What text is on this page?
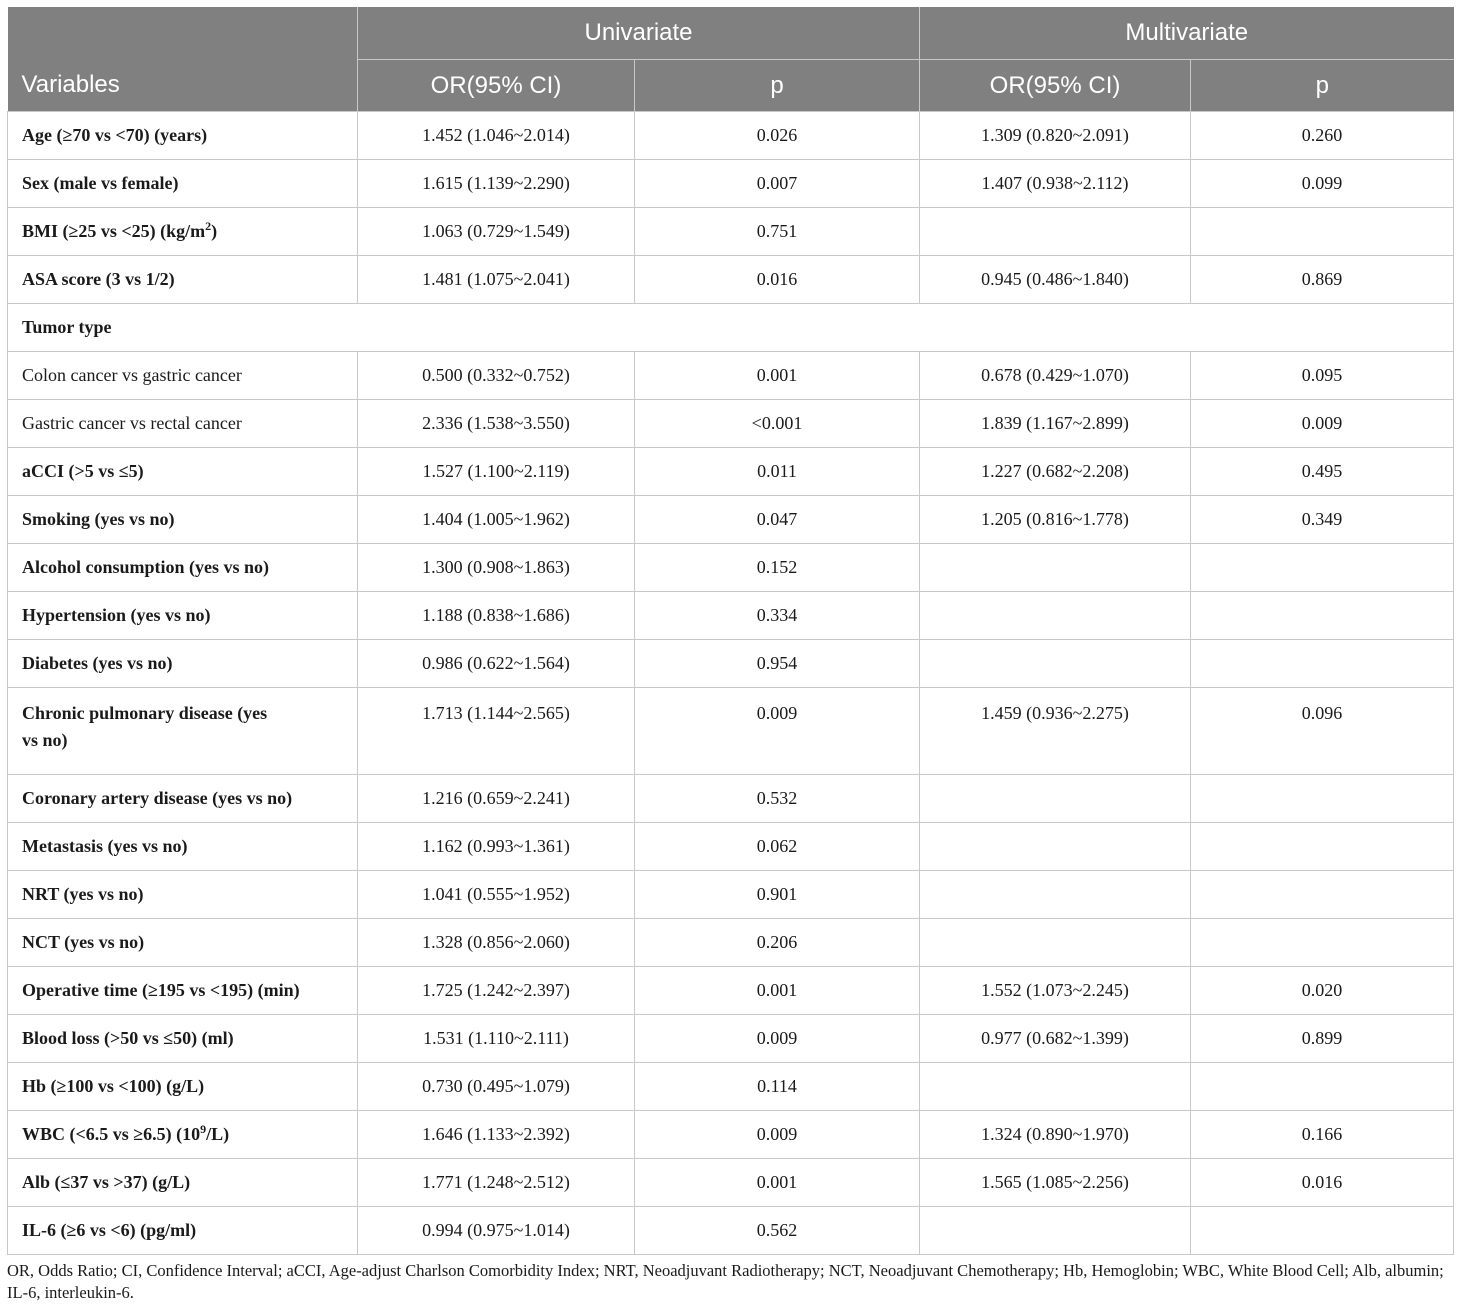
Variables	Univariate		Multivariate	
	OR(95% CI)	p	OR(95% CI)	p
Age (≥70 vs <70) (years)	1.452 (1.046~2.014)	0.026	1.309 (0.820~2.091)	0.260
Sex (male vs female)	1.615 (1.139~2.290)	0.007	1.407 (0.938~2.112)	0.099
BMI (≥25 vs <25) $(kg/m^2)$	1.063 (0.729~1.549)	0.751		
ASA score (3 vs 1/2)	1.481 (1.075~2.041)	0.016	0.945 (0.486~1.840)	0.869
Tumor type				
Colon cancer vs gastric cancer	0.500 (0.332~0.752)	0.001	0.678 (0.429~1.070)	0.095
Gastric cancer vs rectal cancer	2.336 (1.538~3.550)	<0.001	1.839 (1.167~2.899)	0.009
aCCI (>5 vs ≤5)	1.527 (1.100~2.119)	0.011	1.227 (0.682~2.208)	0.495
Smoking (yes vs no)	1.404 (1.005~1.962)	0.047	1.205 (0.816~1.778)	0.349
Alcohol consumption (yes vs no)	1.300 (0.908~1.863)	0.152		
Hypertension (yes vs no)	1.188 (0.838~1.686)	0.334		
Diabetes (yes vs no)	0.986 (0.622~1.564)	0.954		
Chronic pulmonary disease (yes
vs no)	1.713 (1.144~2.565)	0.009	1.459 (0.936~2.275)	0.096
Coronary artery disease (yes vs no)	1.216 (0.659~2.241)	0.532		
Metastasis (yes vs no)	1.162 (0.993~1.361)	0.062		
NRT (yes vs no)	1.041 (0.555~1.952)	0.901		
NCT (yes vs no)	1.328 (0.856~2.060)	0.206		
Operative time (≥195 vs <195) (min)	1.725 (1.242~2.397)	0.001	1.552 (1.073~2.245)	0.020
Blood loss (>50 vs ≤50) (ml)	1.531 (1.110~2.111)	0.009	0.977 (0.682~1.399)	0.899
Hb (≥100 vs <100) (g/L)	0.730 (0.495~1.079)	0.114		
WBC (<6.5 vs ≥6.5) $(10^9/L)$	1.646 (1.133~2.392)	0.009	1.324 (0.890~1.970)	0.166
Alb (≤37 vs >37) (g/L)	1.771 (1.248~2.512)	0.001	1.565 (1.085~2.256)	0.016
IL-6 (≥6 vs <6) (pg/ml)	0.994 (0.975~1.014)	0.562		
OR, Odds Ratio; CI, Confidence Interval; aCCI, Age-adjust Charlson Comorbidity Index; NRT, Neoadjuvant Radiotherapy; NCT, Neoadjuvant Chemotherapy; Hb, Hemoglobin; WBC, White Blood Cell; Alb, albumin; IL-6, interleukin-6.
